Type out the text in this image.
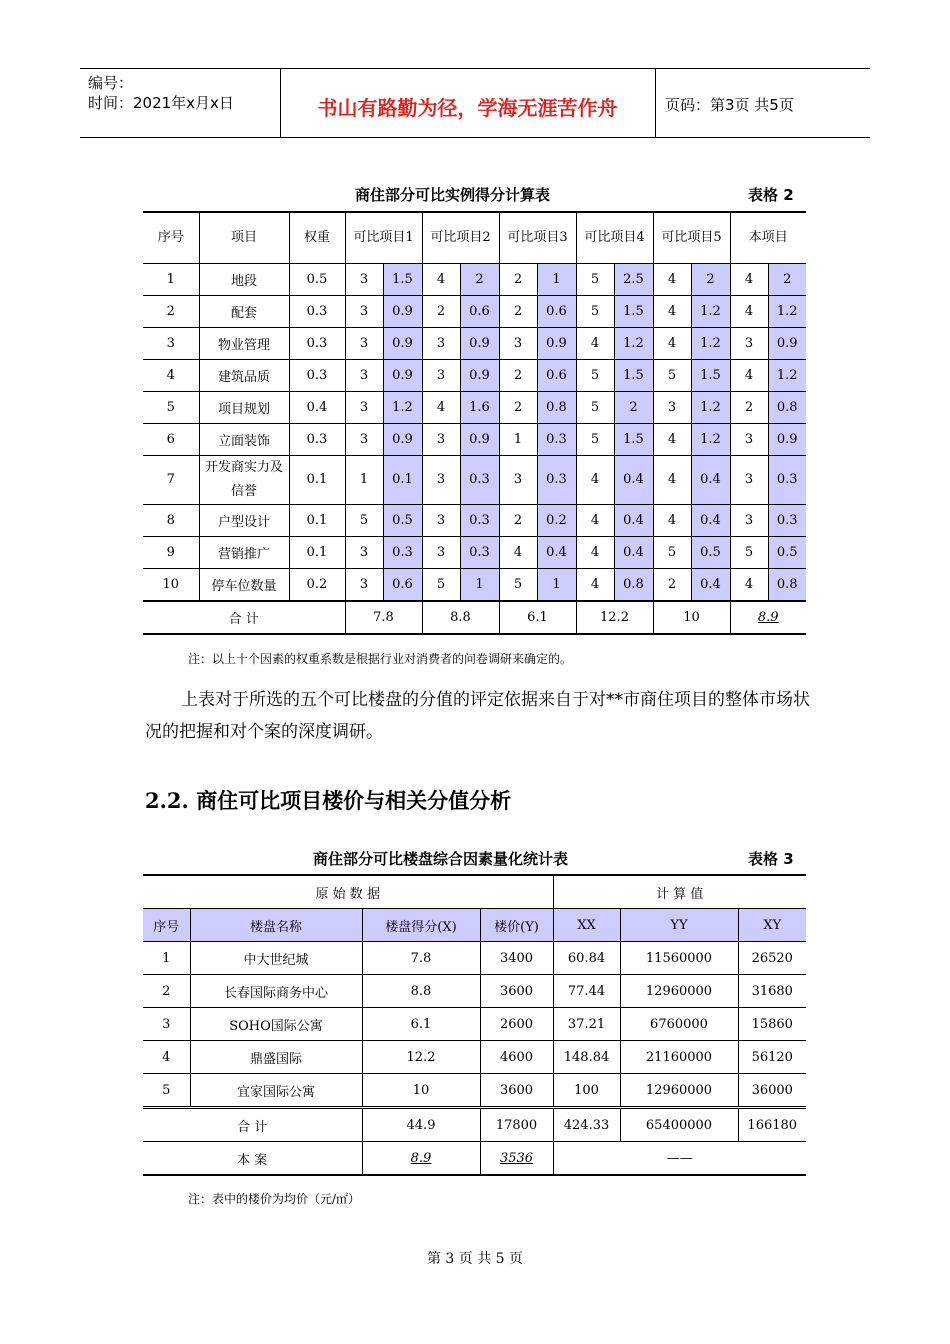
编号：
时间：2021年x月x日	书山有路勤为径，学海无涯苦作舟	页码：第3页 共5页
商住部分可比实例得分计算表	表格 2
序号	项目	权重	可比项目1		可比项目2		可比项目3		可比项目4		可比项目5		本项目	
1	地段	0.5	3	1.5	4	2	2	1	5	2.5	4	2	4	2
2	配套	0.3	3	0.9	2	0.6	2	0.6	5	1.5	4	1.2	4	1.2
3	物业管理	0.3	3	0.9	3	0.9	3	0.9	4	1.2	4	1.2	3	0.9
4	建筑品质	0.3	3	0.9	3	0.9	2	0.6	5	1.5	5	1.5	4	1.2
5	项目规划	0.4	3	1.2	4	1.6	2	0.8	5	2	3	1.2	2	0.8
6	立面装饰	0.3	3	0.9	3	0.9	1	0.3	5	1.5	4	1.2	3	0.9
7	开发商实力及信誉	0.1	1	0.1	3	0.3	3	0.3	4	0.4	4	0.4	3	0.3
8	户型设计	0.1	5	0.5	3	0.3	2	0.2	4	0.4	4	0.4	3	0.3
9	营销推广	0.1	3	0.3	3	0.3	4	0.4	4	0.4	5	0.5	5	0.5
10	停车位数量	0.2	3	0.6	5	1	5	1	4	0.8	2	0.4	4	0.8
合 计			7.8		8.8		6.1		12.2		10		8.9	
注：以上十个因素的权重系数是根据行业对消费者的问卷调研来确定的。
上表对于所选的五个可比楼盘的分值的评定依据来自于对**市商住项目的整体市场状况的把握和对个案的深度调研。
2.2. 商住可比项目楼价与相关分值分析
商住部分可比楼盘综合因素量化统计表	表格 3
原 始 数 据				计 算 值		
序号	楼盘名称	楼盘得分(X)	楼价(Y)	XX	YY	XY
1	中大世纪城	7.8	3400	60.84	11560000	26520
2	长春国际商务中心	8.8	3600	77.44	12960000	31680
3	SOHO国际公寓	6.1	2600	37.21	6760000	15860
4	鼎盛国际	12.2	4600	148.84	21160000	56120
5	宜家国际公寓	10	3600	100	12960000	36000
合 计		44.9	17800	424.33	65400000	166180
本 案		8.9	3536	——		
注：表中的楼价为均价（元/㎡）
第 3 页 共 5 页
